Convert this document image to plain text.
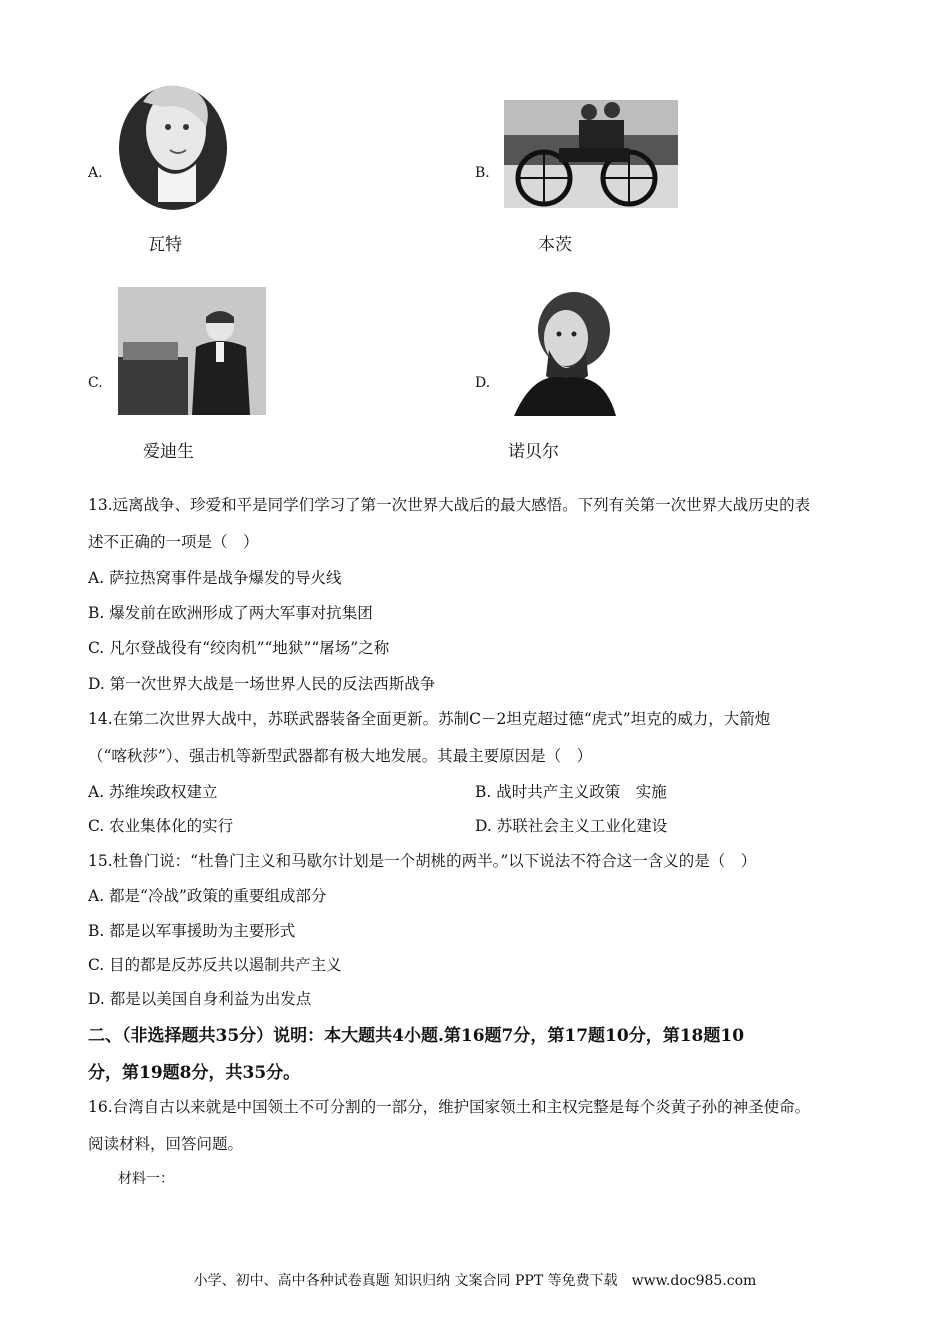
A.
瓦特
B.
本茨
C.
爱迪生
D.
诺贝尔
13.远离战争、珍爱和平是同学们学习了第一次世界大战后的最大感悟。下列有关第一次世界大战历史的表
述不正确的一项是（　）
A. 萨拉热窝事件是战争爆发的导火线
B. 爆发前在欧洲形成了两大军事对抗集团
C. 凡尔登战役有“绞肉机”“地狱”“屠场”之称
D. 第一次世界大战是一场世界人民的反法西斯战争
14.在第二次世界大战中，苏联武器装备全面更新。苏制C－2坦克超过德“虎式”坦克的威力，大箭炮
（“喀秋莎”）、强击机等新型武器都有极大地发展。其最主要原因是（　）
A. 苏维埃政权建立	B. 战时共产主义政策　实施
C. 农业集体化的实行	D. 苏联社会主义工业化建设
15.杜鲁门说：“杜鲁门主义和马歇尔计划是一个胡桃的两半。”以下说法不符合这一含义的是（　）
A. 都是“冷战”政策的重要组成部分
B. 都是以军事援助为主要形式
C. 目的都是反苏反共以遏制共产主义
D. 都是以美国自身利益为出发点
二、（非选择题共35分）说明：本大题共4小题.第16题7分，第17题10分，第18题10
分，第19题8分，共35分。
16.台湾自古以来就是中国领土不可分割的一部分，维护国家领土和主权完整是每个炎黄子孙的神圣使命。
阅读材料，回答问题。
材料一：
小学、初中、高中各种试卷真题 知识归纳 文案合同 PPT 等免费下载　www.doc985.com
